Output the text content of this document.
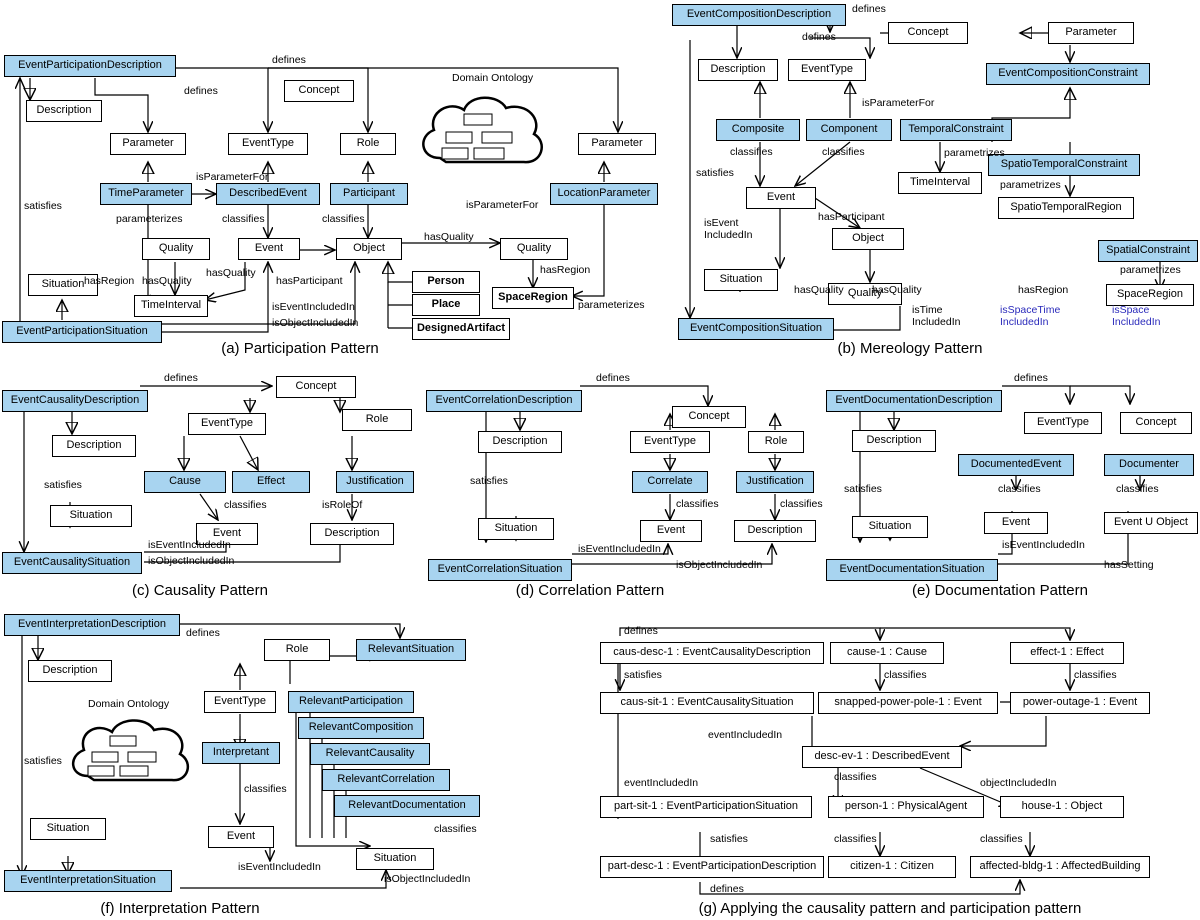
EventParticipationDescription
Description
Concept
Parameter	EventType	Role	Parameter
TimeParameter	DescribedEvent	Participant	LocationParameter
Quality	Event	Object	Quality
Person
Place
SpaceRegion
DesignedArtifact
Situation
TimeInterval
EventParticipationSituation
Domain Ontology
defines
defines
isParameterFor
isParameterFor
parameterizes	classifies	classifies
hasQuality
hasRegion
hasQuality
hasRegion
hasQuality
hasParticipant
parameterizes
satisfies
isEventIncludedIn
isObjectIncludedIn
(a) Participation Pattern
EventCompositionDescription
Concept	Parameter
Description	EventType	EventCompositionConstraint
Composite	Component	TemporalConstraint
SpatioTemporalConstraint
Event
TimeInterval
SpatioTemporalRegion
Object
SpatialConstraint
Situation
Quality	SpaceRegion
EventCompositionSituation
defines
defines
isParameterFor
classifies	classifies	parametrizes
parametrizes
parametrizes
satisfies
isEvent IncludedIn
hasParticipant
hasQuality	hasQuality	hasRegion
isTime IncludedIn
isSpaceTime IncludedIn
isSpace IncludedIn
(b) Mereology Pattern
EventCausalityDescription
Concept
EventType	Role
Description
Cause	Effect	Justification
Situation
Event	Description
EventCausalitySituation
defines
classifies	isRoleOf
satisfies
isEventIncludedIn
isObjectIncludedIn
(c) Causality Pattern
EventCorrelationDescription
Concept
EventType	Role
Description
Correlate	Justification
Situation	Event	Description
EventCorrelationSituation
defines
classifies	classifies
satisfies
isEventIncludedIn
isObjectIncludedIn
(d) Correlation Pattern
EventDocumentationDescription
EventType	Concept
Description
DocumentedEvent	Documenter
Situation	Event	Event U Object
EventDocumentationSituation
defines
classifies	classifies
satisfies
isEventIncludedIn
hasSetting
(e) Documentation Pattern
EventInterpretationDescription
Role	RelevantSituation
Description
EventType	RelevantParticipation
RelevantComposition
Interpretant	RelevantCausality
RelevantCorrelation
RelevantDocumentation
Situation
Event
Situation
EventInterpretationSituation
defines
Domain Ontology
satisfies
classifies
classifies
isEventIncludedIn
isObjectIncludedIn
(f) Interpretation Pattern
caus-desc-1 : EventCausalityDescription	cause-1 : Cause	effect-1 : Effect
caus-sit-1 : EventCausalitySituation	snapped-power-pole-1 : Event	power-outage-1 : Event
desc-ev-1 : DescribedEvent
part-sit-1 : EventParticipationSituation	person-1 : PhysicalAgent	house-1 : Object
part-desc-1 : EventParticipationDescription	citizen-1 : Citizen	affected-bldg-1 : AffectedBuilding
defines
satisfies	classifies	classifies
eventIncludedIn
eventIncludedIn	classifies	objectIncludedIn
satisfies	classifies	classifies
defines
(g) Applying the causality pattern and participation pattern
